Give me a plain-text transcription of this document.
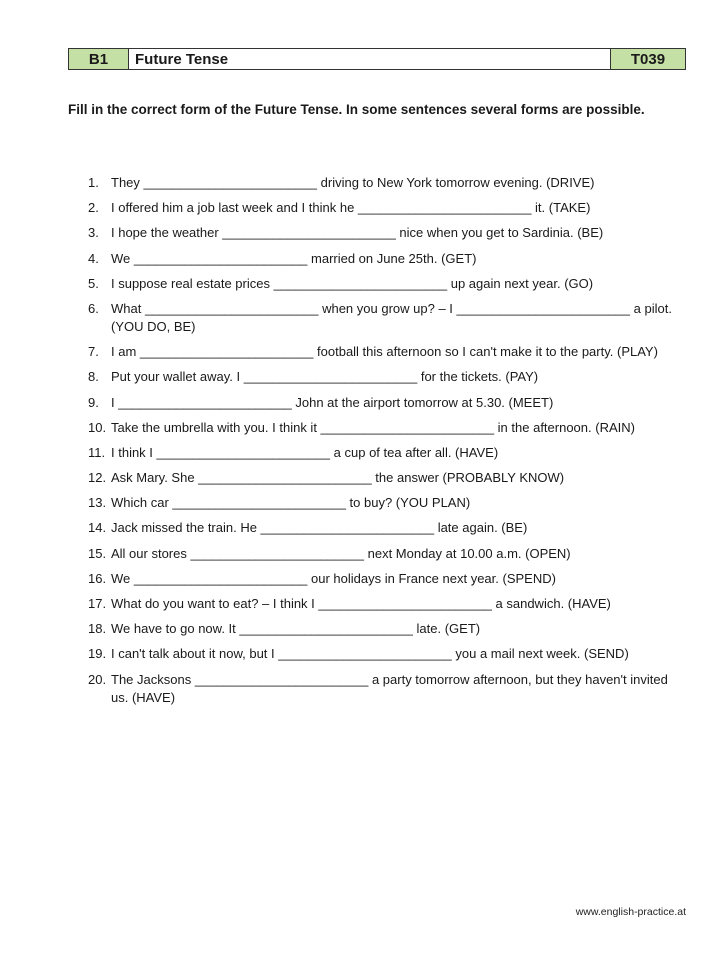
B1	Future Tense	T039
Fill in the correct form of the Future Tense. In some sentences several forms are possible.
1. They ________________________ driving to New York tomorrow evening. (DRIVE)
2. I offered him a job last week and I think he ________________________ it. (TAKE)
3. I hope the weather ________________________ nice when you get to Sardinia. (BE)
4. We ________________________ married on June 25th. (GET)
5. I suppose real estate prices ________________________ up again next year. (GO)
6. What ________________________ when you grow up? – I ________________________ a pilot. (YOU DO, BE)
7. I am ________________________ football this afternoon so I can't make it to the party. (PLAY)
8. Put your wallet away. I ________________________ for the tickets. (PAY)
9. I ________________________ John at the airport tomorrow at 5.30. (MEET)
10. Take the umbrella with you. I think it ________________________ in the afternoon. (RAIN)
11. I think I ________________________ a cup of tea after all. (HAVE)
12. Ask Mary. She ________________________ the answer (PROBABLY KNOW)
13. Which car ________________________ to buy? (YOU PLAN)
14. Jack missed the train. He ________________________ late again. (BE)
15. All our stores ________________________ next Monday at 10.00 a.m. (OPEN)
16. We ________________________ our holidays in France next year. (SPEND)
17. What do you want to eat? – I think I ________________________ a sandwich. (HAVE)
18. We have to go now. It ________________________ late. (GET)
19. I can't talk about it now, but I ________________________ you a mail next week. (SEND)
20. The Jacksons ________________________ a party tomorrow afternoon, but they haven't invited us. (HAVE)
www.english-practice.at
